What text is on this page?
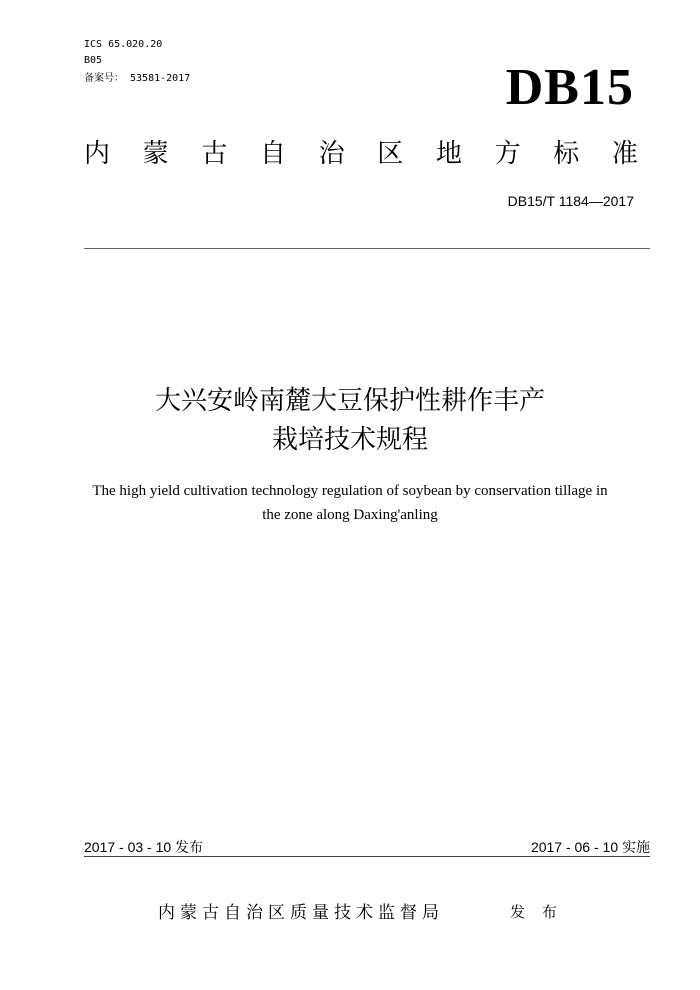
ICS 65.020.20
B05
备案号： 53581-2017	DB15
内 蒙 古 自 治 区 地 方 标 准
DB15/T 1184—2017
大兴安岭南麓大豆保护性耕作丰产
栽培技术规程
The high yield cultivation technology regulation of soybean by conservation tillage in
the zone along Daxing'anling
2017 - 03 - 10 发布	2017 - 06 - 10 实施
内蒙古自治区质量技术监督局	发 布
